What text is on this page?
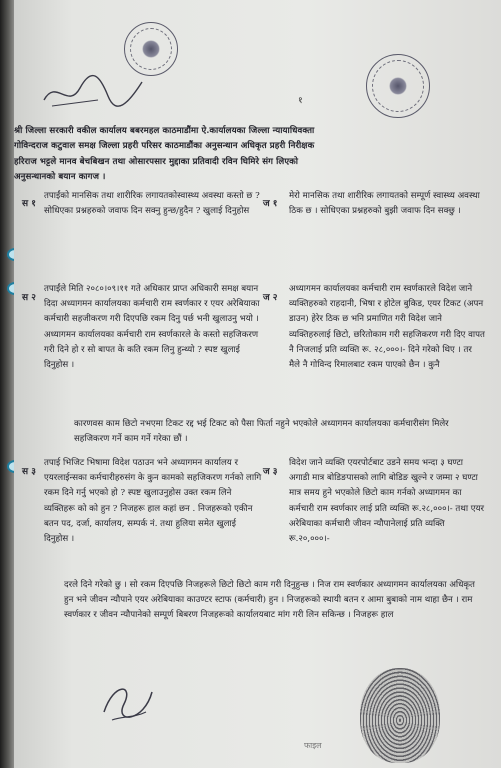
१
श्री जिल्ला सरकारी वकील कार्यालय बबरमहल काठमाडौंमा ऐ.कार्यालयका जिल्ला न्यायाधिवक्ता
गोविन्दराज कटुवाल समक्ष जिल्ला प्रहरी परिसर काठमाडौंका अनुसन्धान अधिकृत प्रहरी निरीक्षक
हरिराज भट्टले मानव बेचबिखन तथा ओसारपसार मुद्दाका प्रतिवादी रविन घिमिरे संग लिएको
अनुसन्धानको बयान कागज ।
स १
तपाईंको मानसिक तथा शारीरिक लगायतकोस्वास्थ्य अवस्था कस्तो छ ? सोधिएका प्रश्नहरुको जवाफ दिन सक्नु हुन्छ/हुदैन ? खुलाई दिनुहोस
ज १
मेरो मानसिक तथा शारीरिक लगायतको सम्पूर्ण स्वास्थ्य अवस्था ठिक छ । सोधिएका प्रश्नहरुको बुझी जवाफ दिन सक्छु ।
स २
तपाईंले मिति २०८०।०९।११ गते अधिकार प्राप्त अधिकारी समक्ष बयान दिदा अध्यागमन कार्यालयका कर्मचारी राम स्वर्णकार र एयर अरेबियाका कर्मचारी सहजीकरण गरी दिएपछि रकम दिनु पर्छ भनी खुलाउनु भयो । अध्यागमन कार्यालयका कर्मचारी राम स्वर्णकारले के कस्तो सहजिकरण गरी दिने हो र सो बापत के कति रकम लिनु हुन्थ्यो ? स्पष्ट खुलाई दिनुहोस ।
ज २
अध्यागमन कार्यालयका कर्मचारी राम स्वर्णकारले विदेश जाने व्यक्तिहरुको राहदानी, भिषा र होटेल बुकिड, एयर टिकट (अपन डाउन) हेरेर ठिक छ भनि प्रमाणित गरी विदेश जाने व्यक्तिहरुलाई छिटो, छरितोकाम गरी सहजिकरण गरी दिए वापत नै निजलाई प्रति व्यक्ति रू. २८,०००।- दिने गरेको थिए । तर मैले नै गोविन्द रिमालबाट रकम पाएको छैन । कुनै
कारणवस काम छिटो नभएमा टिकट रद्द भई टिकट को पैसा फिर्ता नहुने भएकोले अध्यागमन कार्यालयका कर्मचारीसंग मिलेर सहजिकरण गर्ने काम गर्ने गरेका छौं ।
स ३
तपाई भिजिट भिषामा विदेश पठाउन भने अध्यागमन कार्यालय र एयरलाईन्सका कर्मचारीहरुसंग के कुन कामको सहजिकरण गर्नको लागि रकम दिने गर्नु भएको हो ? स्पष्ट खुलाउनुहोस उक्त रकम लिने व्यक्तिहरू को को हुन ? निजहरू हाल कहां छन . निजहरूको एकीन बतन पद, दर्जा, कार्यालय, सम्पर्क नं. तथा हुलिया समेत खुलाई दिनुहोस ।
ज ३
विदेश जाने व्यक्ति एयरपोर्टबाट उडने समय भन्दा ३ घण्टा अगाडी मात्र बोडिङपासको लागि बोडिङ खुल्ने र जम्मा २ घण्टा मात्र समय हुने भएकोले छिटो काम गर्नको अध्यागमन का कर्मचारी राम स्वर्णकार लाई प्रति व्यक्ति रू.२८,०००।- तथा एयर अरेबियाका कर्मचारी जीवन न्यौपानेलाई प्रति व्यक्ति रू.२०,०००।-
दरले दिने गरेको छु । सो रकम दिएपछि निजहरूले छिटो छिटो काम गरी दिनुहुन्छ । निज राम स्वर्णकार अध्यागमन कार्यालयका अधिकृत हुन भने जीवन न्यौपाने एयर अरेबियाका काउण्टर स्टाफ (कर्मचारी) हुन । निजहरूको स्थायी बतन र आमा बुबाको नाम थाहा छैन । राम स्वर्णकार र जीवन न्यौपानेको सम्पूर्ण बिबरण निजहरूको कार्यालयबाट मांग गरी लिन सकिन्छ । निजहरू हाल
फाइल
